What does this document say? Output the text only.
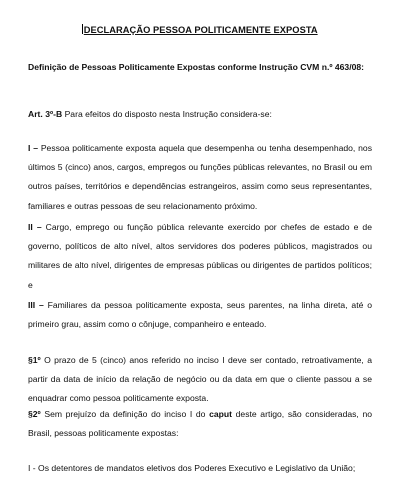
DECLARAÇÃO PESSOA POLITICAMENTE EXPOSTA

Definição de Pessoas Politicamente Expostas conforme Instrução CVM n.º 463/08:

Art. 3º-B Para efeitos do disposto nesta Instrução considera-se:

I – Pessoa politicamente exposta aquela que desempenha ou tenha desempenhado, nos últimos 5 (cinco) anos, cargos, empregos ou funções públicas relevantes, no Brasil ou em outros países, territórios e dependências estrangeiros, assim como seus representantes, familiares e outras pessoas de seu relacionamento próximo.

II – Cargo, emprego ou função pública relevante exercido por chefes de estado e de governo, políticos de alto nível, altos servidores dos poderes públicos, magistrados ou militares de alto nível, dirigentes de empresas públicas ou dirigentes de partidos políticos; e

III – Familiares da pessoa politicamente exposta, seus parentes, na linha direta, até o primeiro grau, assim como o cônjuge, companheiro e enteado.

§1º O prazo de 5 (cinco) anos referido no inciso I deve ser contado, retroativamente, a partir da data de início da relação de negócio ou da data em que o cliente passou a se enquadrar como pessoa politicamente exposta.

§2º Sem prejuízo da definição do inciso I do caput deste artigo, são consideradas, no Brasil, pessoas politicamente expostas:

I - Os detentores de mandatos eletivos dos Poderes Executivo e Legislativo da União;
